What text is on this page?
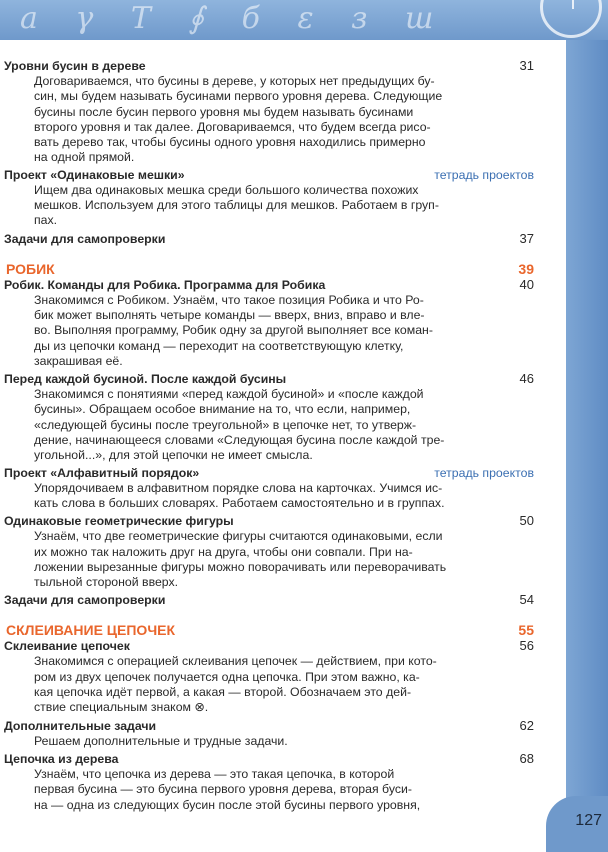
a γ T ∮ б ε з ш
127
Уровни бусин в дереве	31
Договариваемся, что бусины в дереве, у которых нет предыдущих бу-
син, мы будем называть бусинами первого уровня дерева. Следующие
бусины после бусин первого уровня мы будем называть бусинами
второго уровня и так далее. Договариваемся, что будем всегда рисо-
вать дерево так, чтобы бусины одного уровня находились примерно
на одной прямой.
Проект «Одинаковые мешки»	тетрадь проектов
Ищем два одинаковых мешка среди большого количества похожих
мешков. Используем для этого таблицы для мешков. Работаем в груп-
пах.
Задачи для самопроверки	37
РОБИК	39
Робик. Команды для Робика. Программа для Робика	40
Знакомимся с Робиком. Узнаём, что такое позиция Робика и что Ро-
бик может выполнять четыре команды — вверх, вниз, вправо и вле-
во. Выполняя программу, Робик одну за другой выполняет все коман-
ды из цепочки команд — переходит на соответствующую клетку,
закрашивая её.
Перед каждой бусиной. После каждой бусины	46
Знакомимся с понятиями «перед каждой бусиной» и «после каждой
бусины». Обращаем особое внимание на то, что если, например,
«следующей бусины после треугольной» в цепочке нет, то утверж-
дение, начинающееся словами «Следующая бусина после каждой тре-
угольной...», для этой цепочки не имеет смысла.
Проект «Алфавитный порядок»	тетрадь проектов
Упорядочиваем в алфавитном порядке слова на карточках. Учимся ис-
кать слова в больших словарях. Работаем самостоятельно и в группах.
Одинаковые геометрические фигуры	50
Узнаём, что две геометрические фигуры считаются одинаковыми, если
их можно так наложить друг на друга, чтобы они совпали. При на-
ложении вырезанные фигуры можно поворачивать или переворачивать
тыльной стороной вверх.
Задачи для самопроверки	54
СКЛЕИВАНИЕ ЦЕПОЧЕК	55
Склеивание цепочек	56
Знакомимся с операцией склеивания цепочек — действием, при кото-
ром из двух цепочек получается одна цепочка. При этом важно, ка-
кая цепочка идёт первой, а какая — второй. Обозначаем это дей-
ствие специальным знаком ⊗.
Дополнительные задачи	62
Решаем дополнительные и трудные задачи.
Цепочка из дерева	68
Узнаём, что цепочка из дерева — это такая цепочка, в которой
первая бусина — это бусина первого уровня дерева, вторая буси-
на — одна из следующих бусин после этой бусины первого уровня,
